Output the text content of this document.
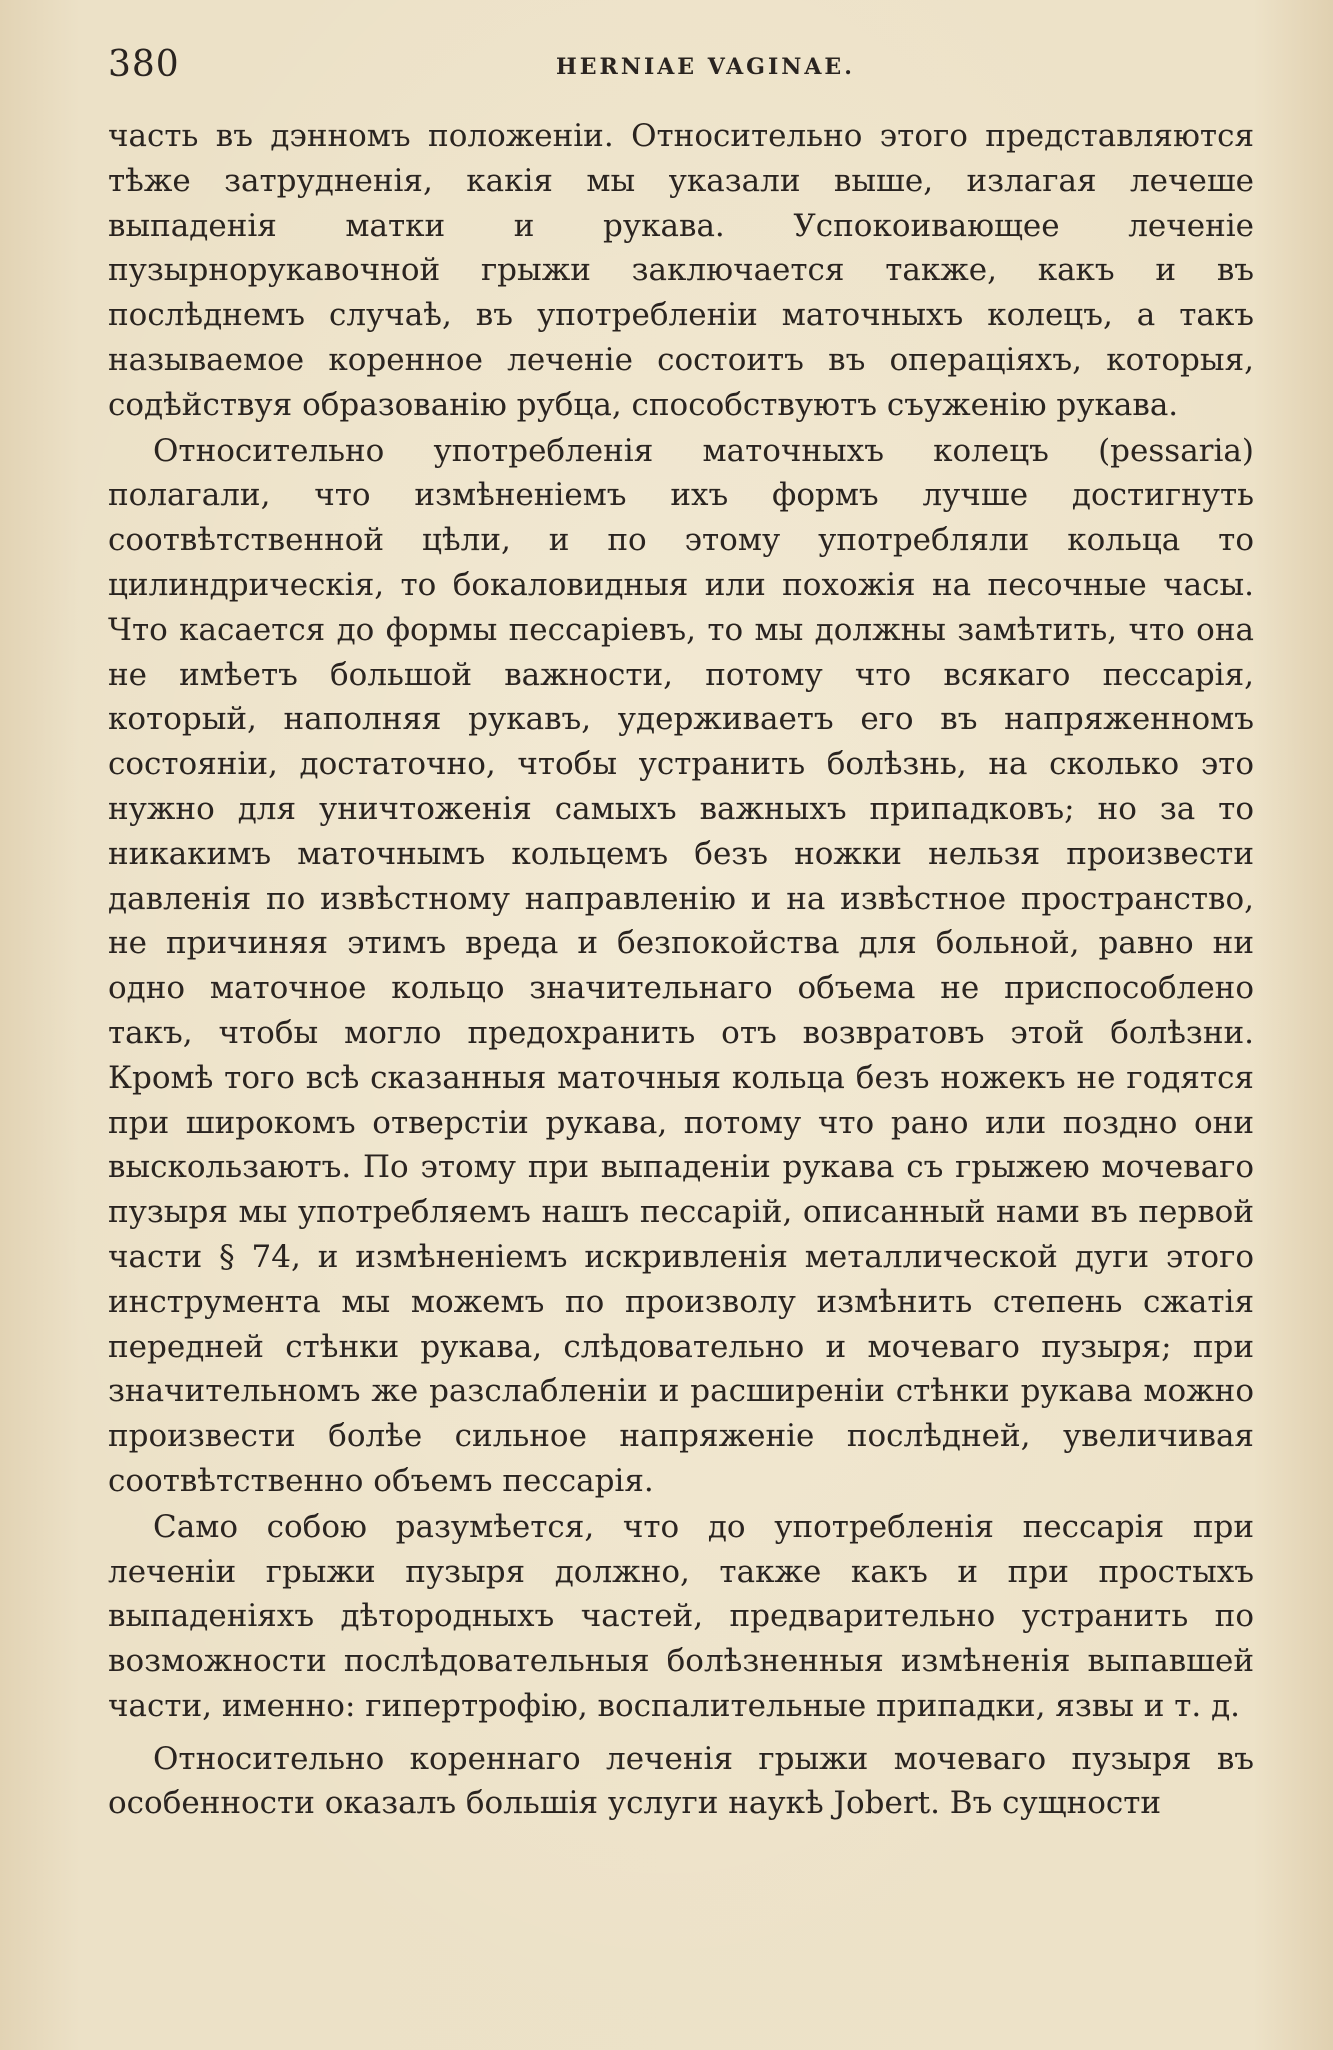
380	HERNIAE VAGINAE.

часть въ дэнномъ положенiи. Относительно этого представляются тѣже затрудненія, какія мы указали выше, излагая лечешe выпаденія матки и рукава. Успокоивающее леченіе пузырнорукавочной грыжи заключается также, какъ и въ послѣднемъ случаѣ, въ употребленiи маточныхъ колецъ, а такъ называемое коренное леченіе состоитъ въ операціяхъ, которыя, содѣйствуя образованію рубца, способствуютъ съуженію рукава.

Относительно употребленія маточныхъ колецъ (pessaria) полагали, что измѣненіемъ ихъ формъ лучше достигнуть соотвѣтственной цѣли, и по этому употребляли кольца то цилиндрическія, то бокаловидныя или похожія на песочные часы. Что касается до формы пессаріевъ, то мы должны замѣтить, что она не имѣетъ большой важности, потому что всякаго пессарія, который, наполняя рукавъ, удерживаетъ его въ напряженномъ состоянiи, достаточно, чтобы устранить болѣзнь, на сколько это нужно для уничтоженія самыхъ важныхъ припадковъ; но за то никакимъ маточнымъ кольцемъ безъ ножки нельзя произвести давленія по извѣстному направленію и на извѣстное пространство, не причиняя этимъ вреда и безпокойства для больной, равно ни одно маточное кольцо значительнаго объема не приспособлено такъ, чтобы могло предохранить отъ возвратовъ этой болѣзни. Кромѣ того всѣ сказанныя маточныя кольца безъ ножекъ не годятся при широкомъ отверстiи рукава, потому что рано или поздно они выскользаютъ. По этому при выпаденiи рукава съ грыжею мочеваго пузыря мы употребляемъ нашъ пессарій, описанный нами въ первой части § 74, и измѣненіемъ искривленія металлической дуги этого инструмента мы можемъ по произволу измѣнить степень сжатія передней стѣнки рукава, слѣдовательно и мочеваго пузыря; при значительномъ же разслабленiи и расширенiи стѣнки рукава можно произвести болѣе сильное напряженіе послѣдней, увеличивая соотвѣтственно объемъ пессарія.

Само собою разумѣется, что до употребленія пессарія при леченiи грыжи пузыря должно, также какъ и при простыхъ выпаденіяхъ дѣтородныхъ частей, предварительно устранить по возможности послѣдовательныя болѣзненныя измѣненія выпавшей части, именно: гипертрофію, воспалительные припадки, язвы и т. д.

Относительно кореннаго леченія грыжи мочеваго пузыря въ особенности оказалъ большія услуги наукѣ Jobert. Въ сущности
